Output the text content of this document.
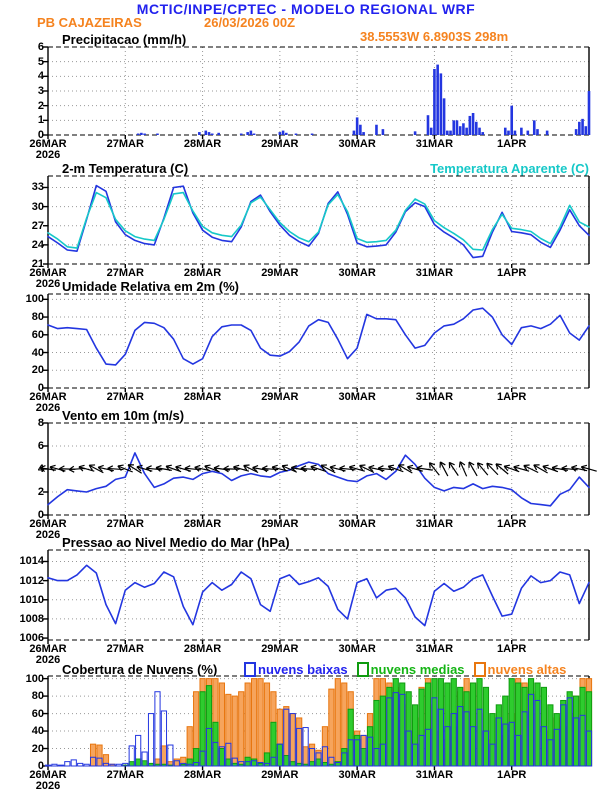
MCTIC/INPE/CPTEC - MODELO REGIONAL WRF
PB CAJAZEIRAS	26/03/2026 00Z
38.5553W 6.8903S 298m
Precipitacao (mm/h)
2-m Temperatura (C)
Umidade Relativa em 2m (%)
Vento em 10m (m/s)
Pressao ao Nivel Medio do Mar (hPa)
Cobertura de Nuvens (%)
Temperatura Aparente (C)
nuvens baixas nuvens medias nuvens altas
0
1
2
3
4
5
6
26MAR
2026
27MAR	28MAR	29MAR	30MAR	31MAR	1APR
21
24
27
30
33
26MAR
2026
27MAR	28MAR	29MAR	30MAR	31MAR	1APR
0
20
40
60
80
100
26MAR
2026
27MAR	28MAR	29MAR	30MAR	31MAR	1APR
0
2
4
6
8
26MAR
2026
27MAR	28MAR	29MAR	30MAR	31MAR	1APR
1006
1008
1010
1012
1014
26MAR
2026
27MAR	28MAR	29MAR	30MAR	31MAR	1APR
0
20
40
60
80
100
26MAR
2026
27MAR	28MAR	29MAR	30MAR	31MAR	1APR
